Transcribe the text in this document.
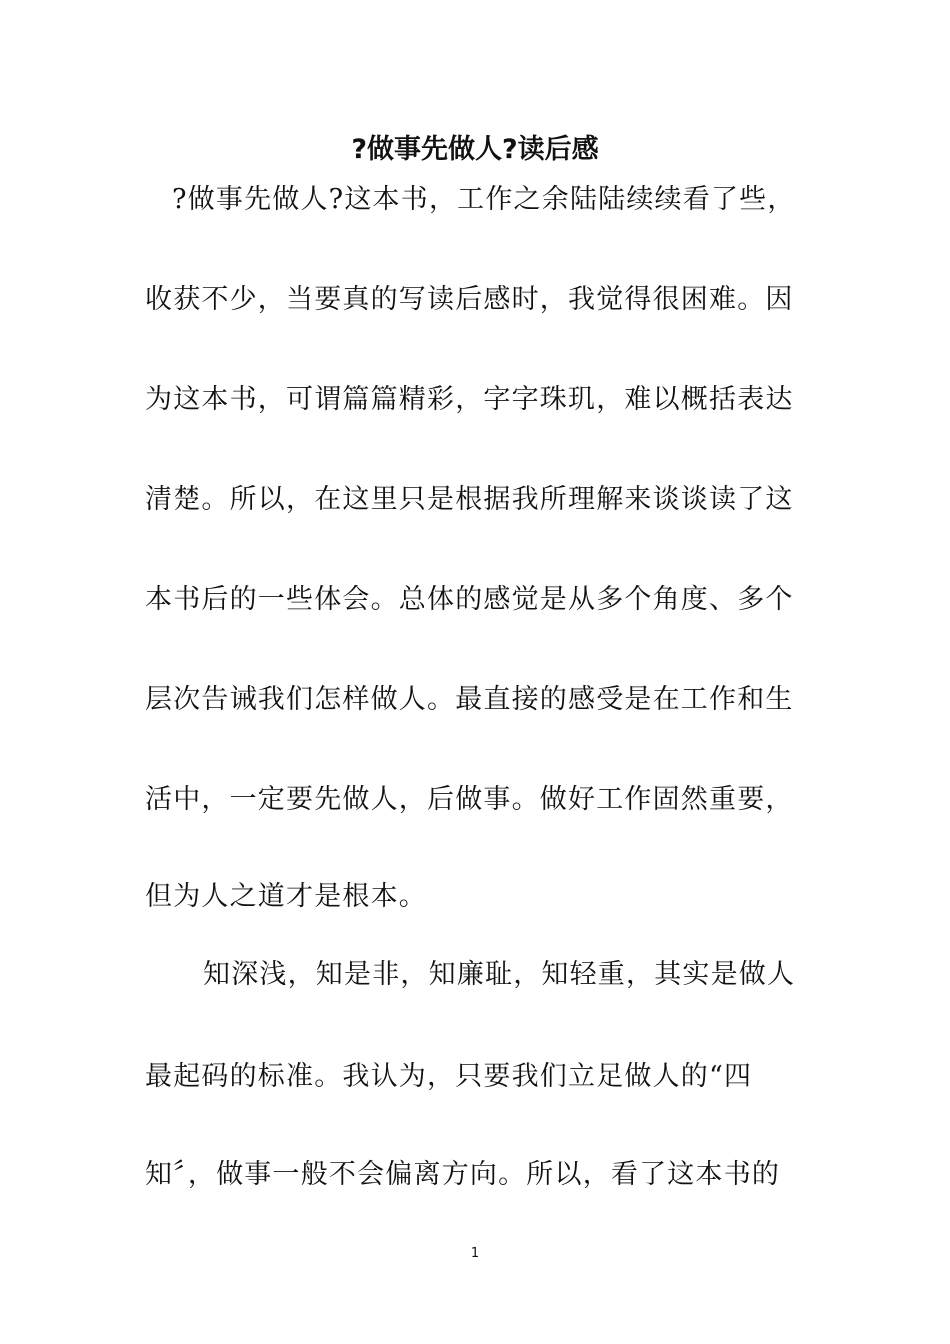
?做事先做人?读后感

?做事先做人?这本书，工作之余陆陆续续看了些，

收获不少，当要真的写读后感时，我觉得很困难。因

为这本书，可谓篇篇精彩，字字珠玑，难以概括表达

清楚。所以，在这里只是根据我所理解来谈谈读了这

本书后的一些体会。总体的感觉是从多个角度、多个

层次告诫我们怎样做人。最直接的感受是在工作和生

活中，一定要先做人，后做事。做好工作固然重要，

但为人之道才是根本。

知深浅，知是非，知廉耻，知轻重，其实是做人

最起码的标准。我认为，只要我们立足做人的“四

知〞，做事一般不会偏离方向。所以，看了这本书的

1
